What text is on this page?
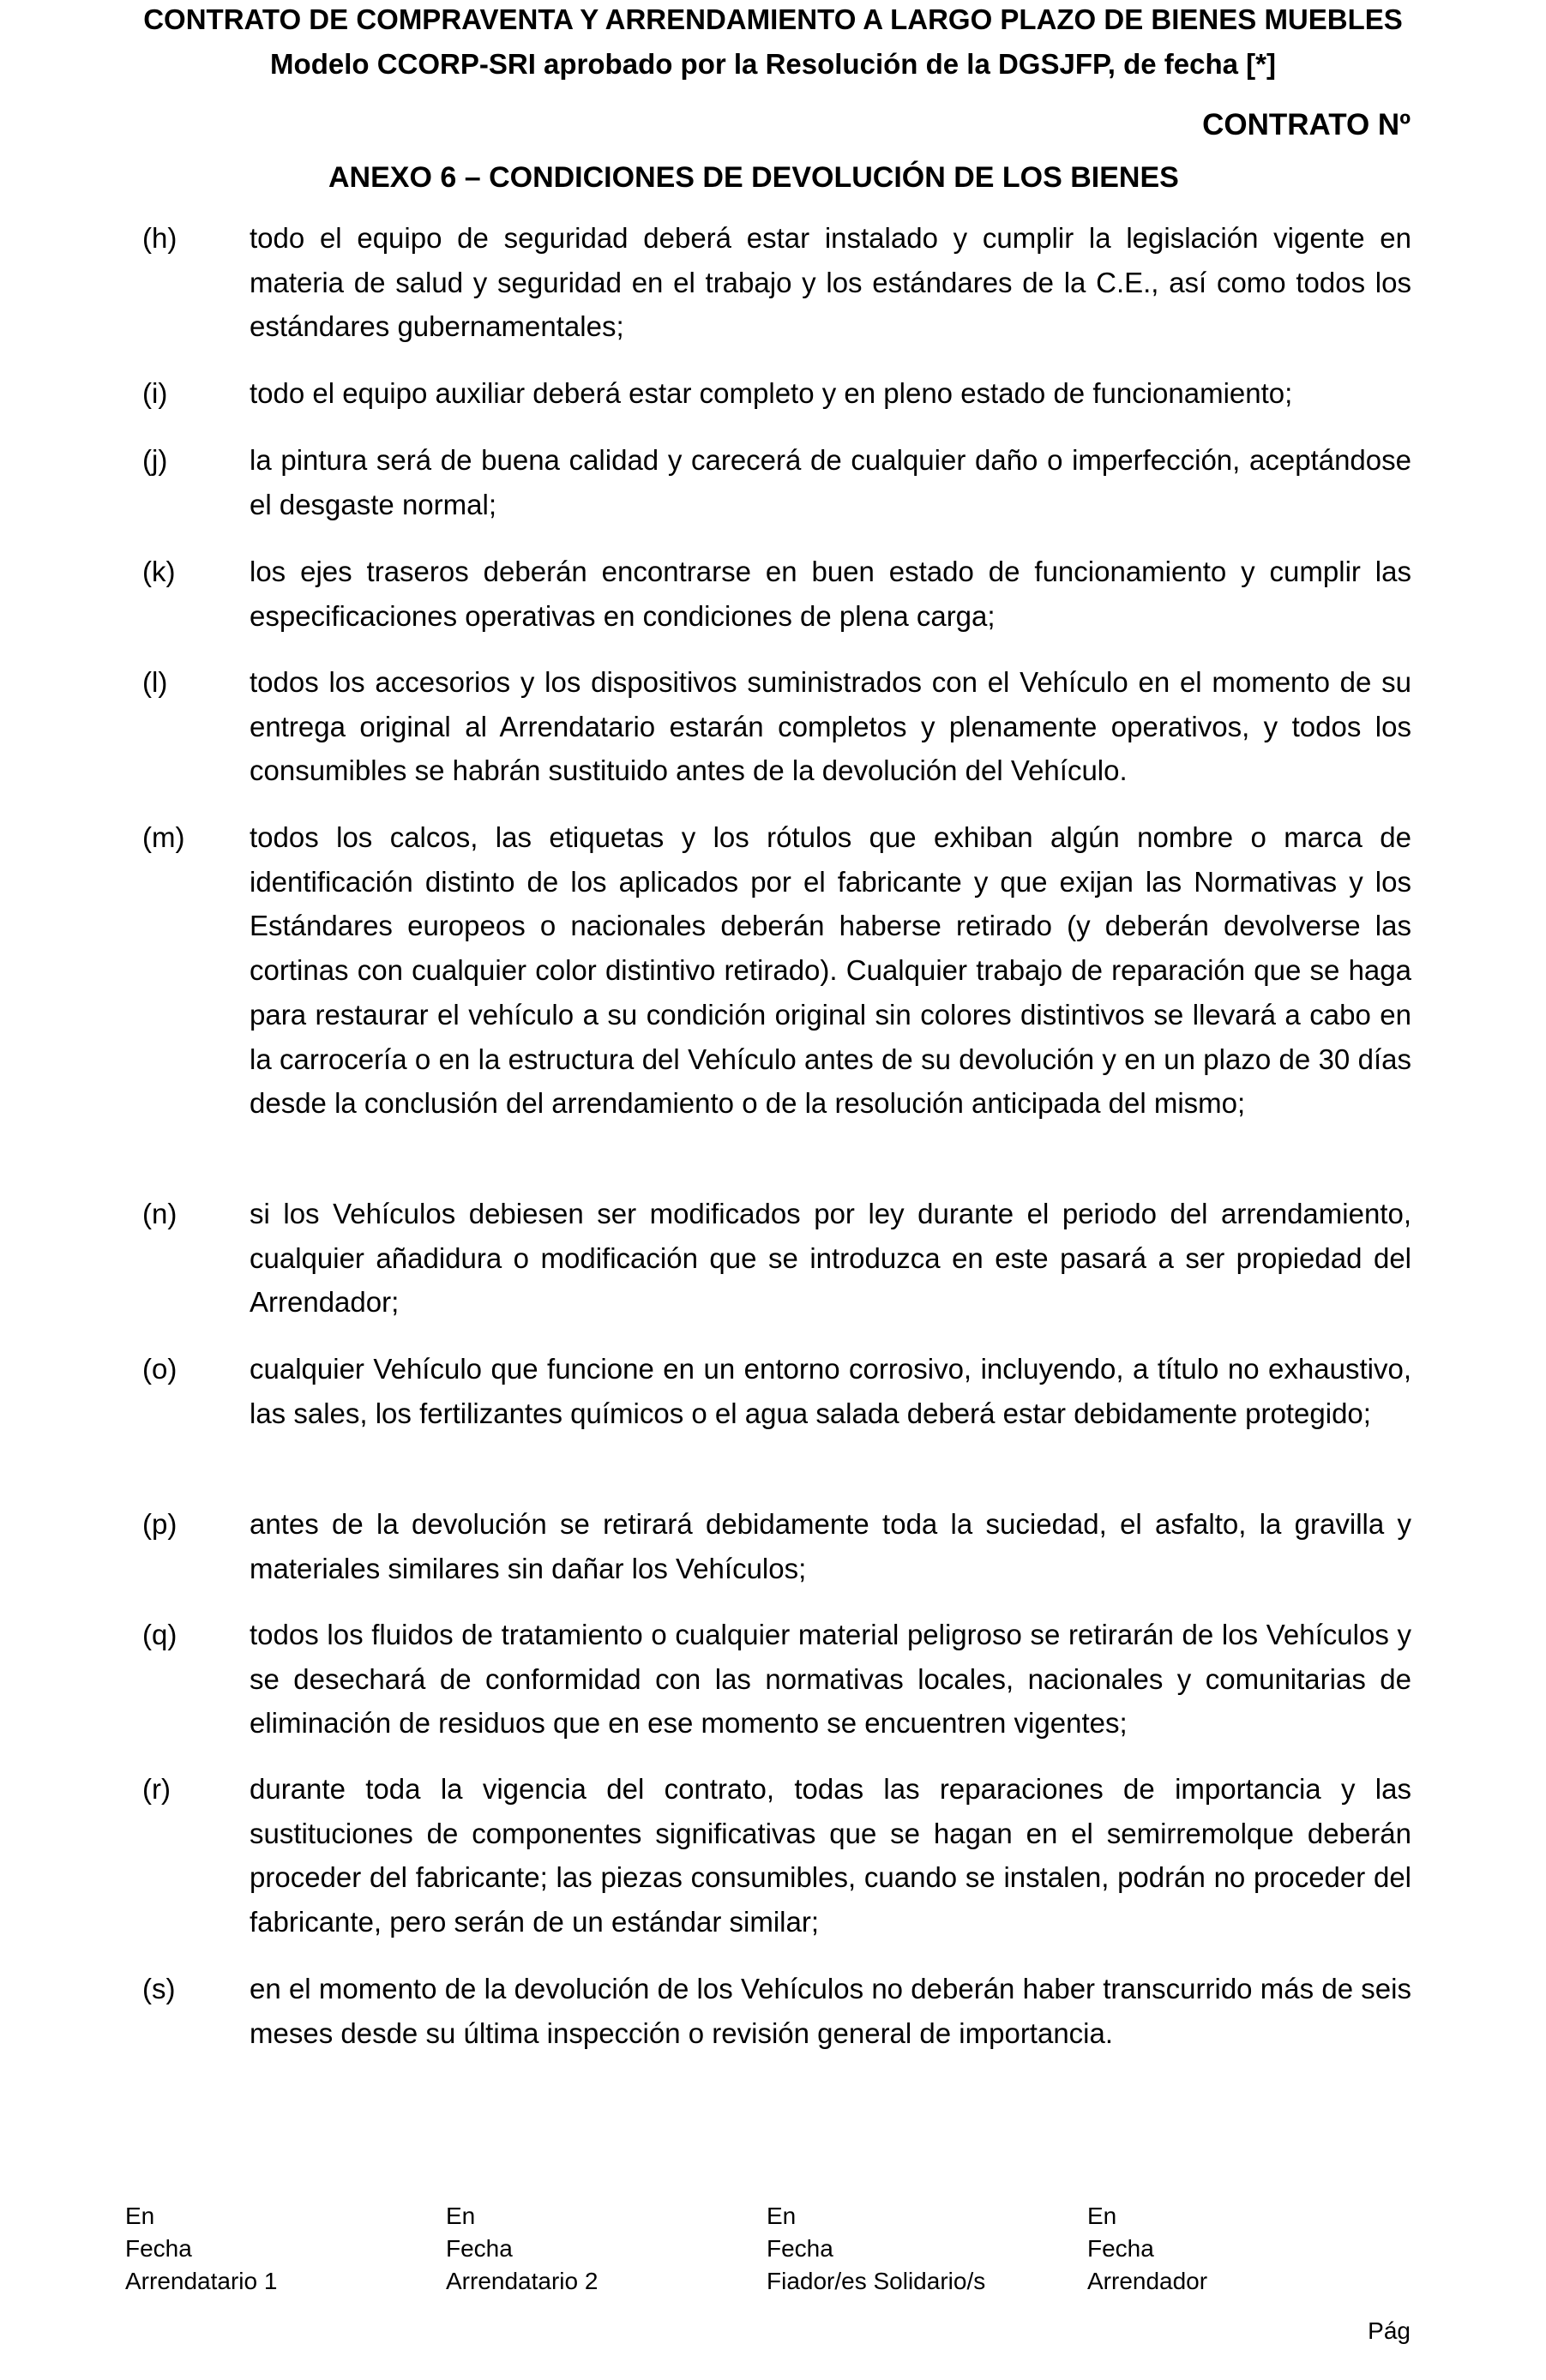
CONTRATO DE COMPRAVENTA Y ARRENDAMIENTO A LARGO PLAZO DE BIENES MUEBLES
Modelo CCORP-SRI aprobado por la Resolución de la DGSJFP, de fecha [*]
CONTRATO Nº
ANEXO 6 – CONDICIONES DE DEVOLUCIÓN DE LOS BIENES
(h)	todo el equipo de seguridad deberá estar instalado y cumplir la legislación vigente en materia de salud y seguridad en el trabajo y los estándares de la C.E., así como todos los estándares gubernamentales;
(i)	todo el equipo auxiliar deberá estar completo y en pleno estado de funcionamiento;
(j)	la pintura será de buena calidad y carecerá de cualquier daño o imperfección, aceptándose el desgaste normal;
(k)	los ejes traseros deberán encontrarse en buen estado de funcionamiento y cumplir las especificaciones operativas en condiciones de plena carga;
(l)	todos los accesorios y los dispositivos suministrados con el Vehículo en el momento de su entrega original al Arrendatario estarán completos y plenamente operativos, y todos los consumibles se habrán sustituido antes de la devolución del Vehículo.
(m) todos los calcos, las etiquetas y los rótulos que exhiban algún nombre o marca de identificación distinto de los aplicados por el fabricante y que exijan las Normativas y los Estándares europeos o nacionales deberán haberse retirado (y deberán devolverse las cortinas con cualquier color distintivo retirado). Cualquier trabajo de reparación que se haga para restaurar el vehículo a su condición original sin colores distintivos se llevará a cabo en la carrocería o en la estructura del Vehículo antes de su devolución y en un plazo de 30 días desde la conclusión del arrendamiento o de la resolución anticipada del mismo;
(n)	si los Vehículos debiesen ser modificados por ley durante el periodo del arrendamiento, cualquier añadidura o modificación que se introduzca en este pasará a ser propiedad del Arrendador;
(o)	cualquier Vehículo que funcione en un entorno corrosivo, incluyendo, a título no exhaustivo, las sales, los fertilizantes químicos o el agua salada deberá estar debidamente protegido;
(p)	antes de la devolución se retirará debidamente toda la suciedad, el asfalto, la gravilla y materiales similares sin dañar los Vehículos;
(q)	todos los fluidos de tratamiento o cualquier material peligroso se retirarán de los Vehículos y se desechará de conformidad con las normativas locales, nacionales y comunitarias de eliminación de residuos que en ese momento se encuentren vigentes;
(r)	durante toda la vigencia del contrato, todas las reparaciones de importancia y las sustituciones de componentes significativas que se hagan en el semirremolque deberán proceder del fabricante; las piezas consumibles, cuando se instalen, podrán no proceder del fabricante, pero serán de un estándar similar;
(s)	en el momento de la devolución de los Vehículos no deberán haber transcurrido más de seis meses desde su última inspección o revisión general de importancia.
En
Fecha
Arrendatario 1
En
Fecha
Arrendatario 2
En
Fecha
Fiador/es Solidario/s
En
Fecha
Arrendador
Pág
